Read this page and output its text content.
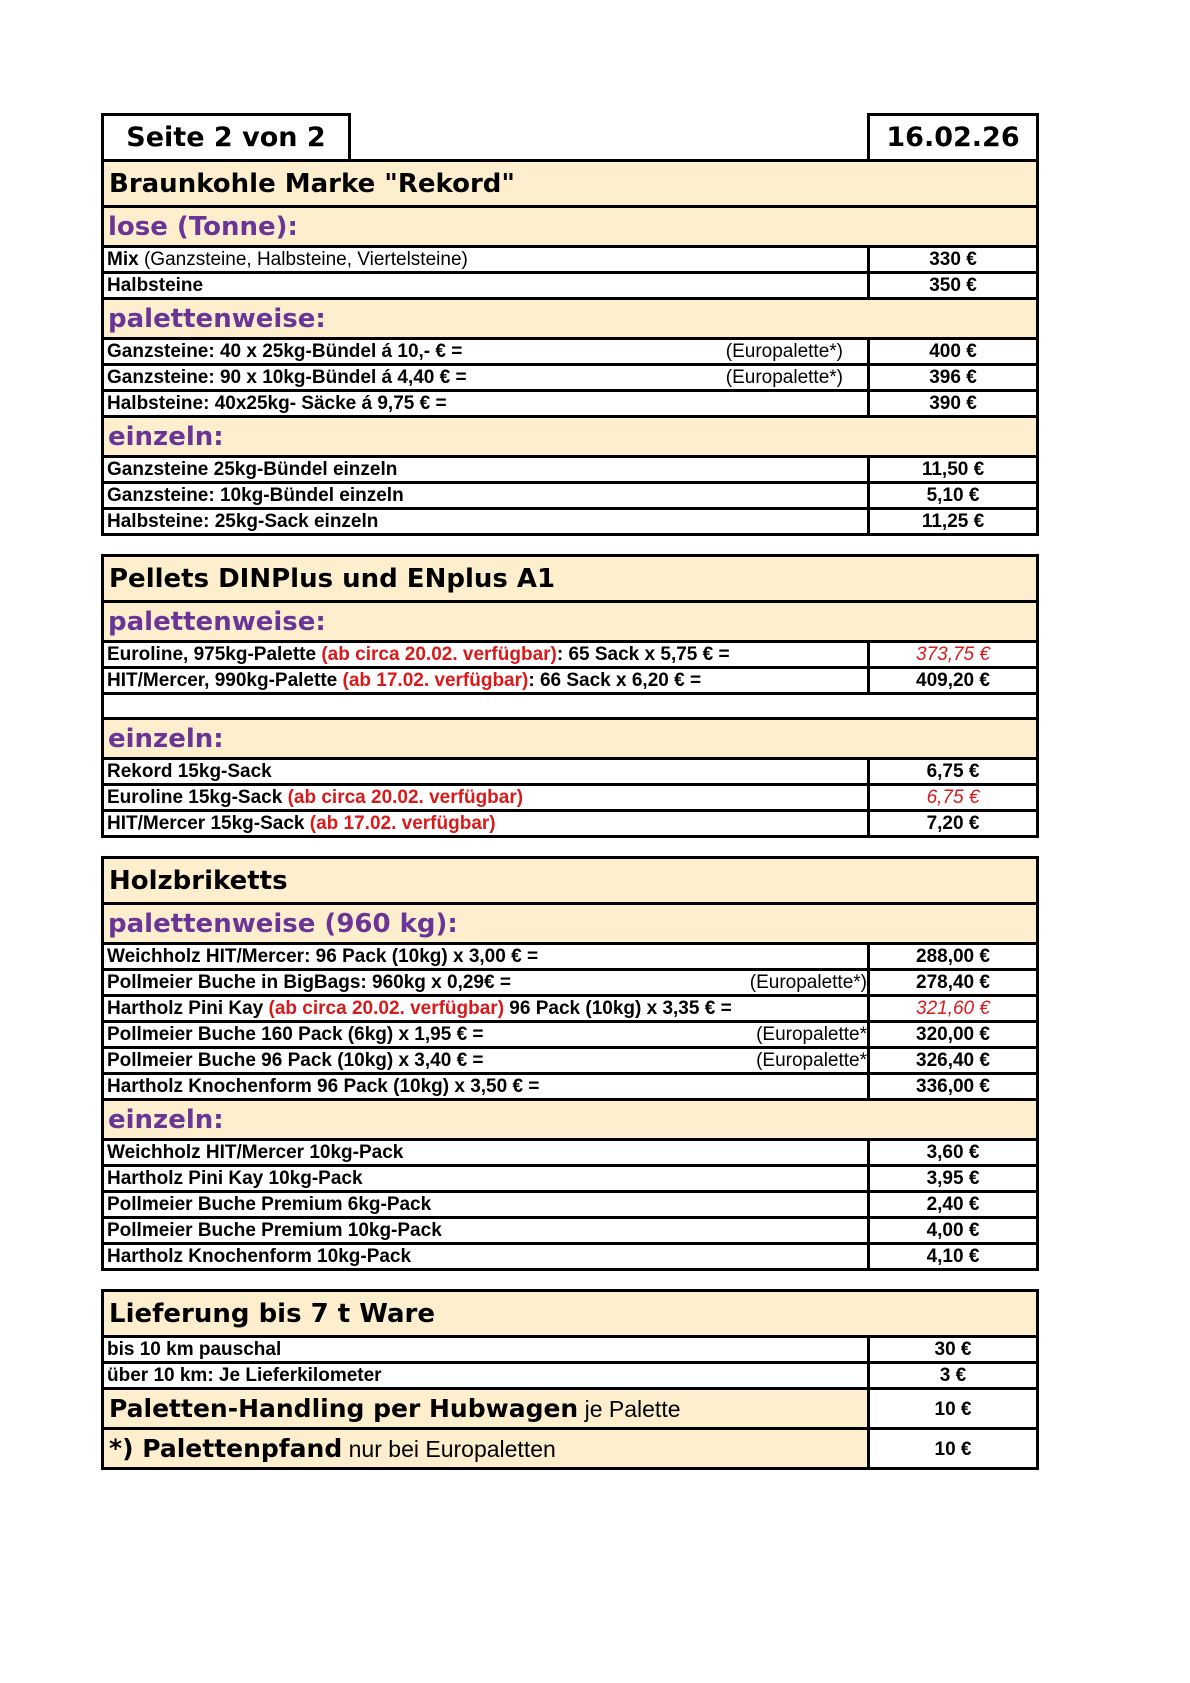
Seite 2 von 2	16.02.26
Braunkohle Marke "Rekord"
lose (Tonne):
Mix (Ganzsteine, Halbsteine, Viertelsteine)	330 €
Halbsteine	350 €
palettenweise:
Ganzsteine: 40 x 25kg-Bündel á 10,- € =	(Europalette*)	400 €
Ganzsteine: 90 x 10kg-Bündel á 4,40 € =	(Europalette*)	396 €
Halbsteine: 40x25kg- Säcke á 9,75 € =	390 €
einzeln:
Ganzsteine 25kg-Bündel einzeln	11,50 €
Ganzsteine: 10kg-Bündel einzeln	5,10 €
Halbsteine: 25kg-Sack einzeln	11,25 €
Pellets DINPlus und ENplus A1
palettenweise:
Euroline, 975kg-Palette (ab circa 20.02. verfügbar) : 65 Sack x 5,75 € =	373,75 €
HIT/Mercer, 990kg-Palette (ab 17.02. verfügbar) : 66 Sack x 6,20 € =	409,20 €
einzeln:
Rekord 15kg-Sack	6,75 €
Euroline 15kg-Sack (ab circa 20.02. verfügbar)	6,75 €
HIT/Mercer 15kg-Sack (ab 17.02. verfügbar)	7,20 €
Holzbriketts
palettenweise (960 kg):
Weichholz HIT/Mercer: 96 Pack (10kg) x 3,00 € =	288,00 €
Pollmeier Buche in BigBags: 960kg x 0,29€ =	(Europalette*)	278,40 €
Hartholz Pini Kay (ab circa 20.02. verfügbar) 96 Pack (10kg) x 3,35 € =	321,60 €
Pollmeier Buche 160 Pack (6kg) x 1,95 € =	(Europalette*	320,00 €
Pollmeier Buche 96 Pack (10kg) x 3,40 € =	(Europalette*	326,40 €
Hartholz Knochenform 96 Pack (10kg) x 3,50 € =	336,00 €
einzeln:
Weichholz HIT/Mercer 10kg-Pack	3,60 €
Hartholz Pini Kay 10kg-Pack	3,95 €
Pollmeier Buche Premium 6kg-Pack	2,40 €
Pollmeier Buche Premium 10kg-Pack	4,00 €
Hartholz Knochenform 10kg-Pack	4,10 €
Lieferung bis 7 t Ware
bis 10 km pauschal	30 €
über 10 km: Je Lieferkilometer	3 €
Paletten-Handling per Hubwagen je Palette	10 €
*) Palettenpfand nur bei Europaletten	10 €
